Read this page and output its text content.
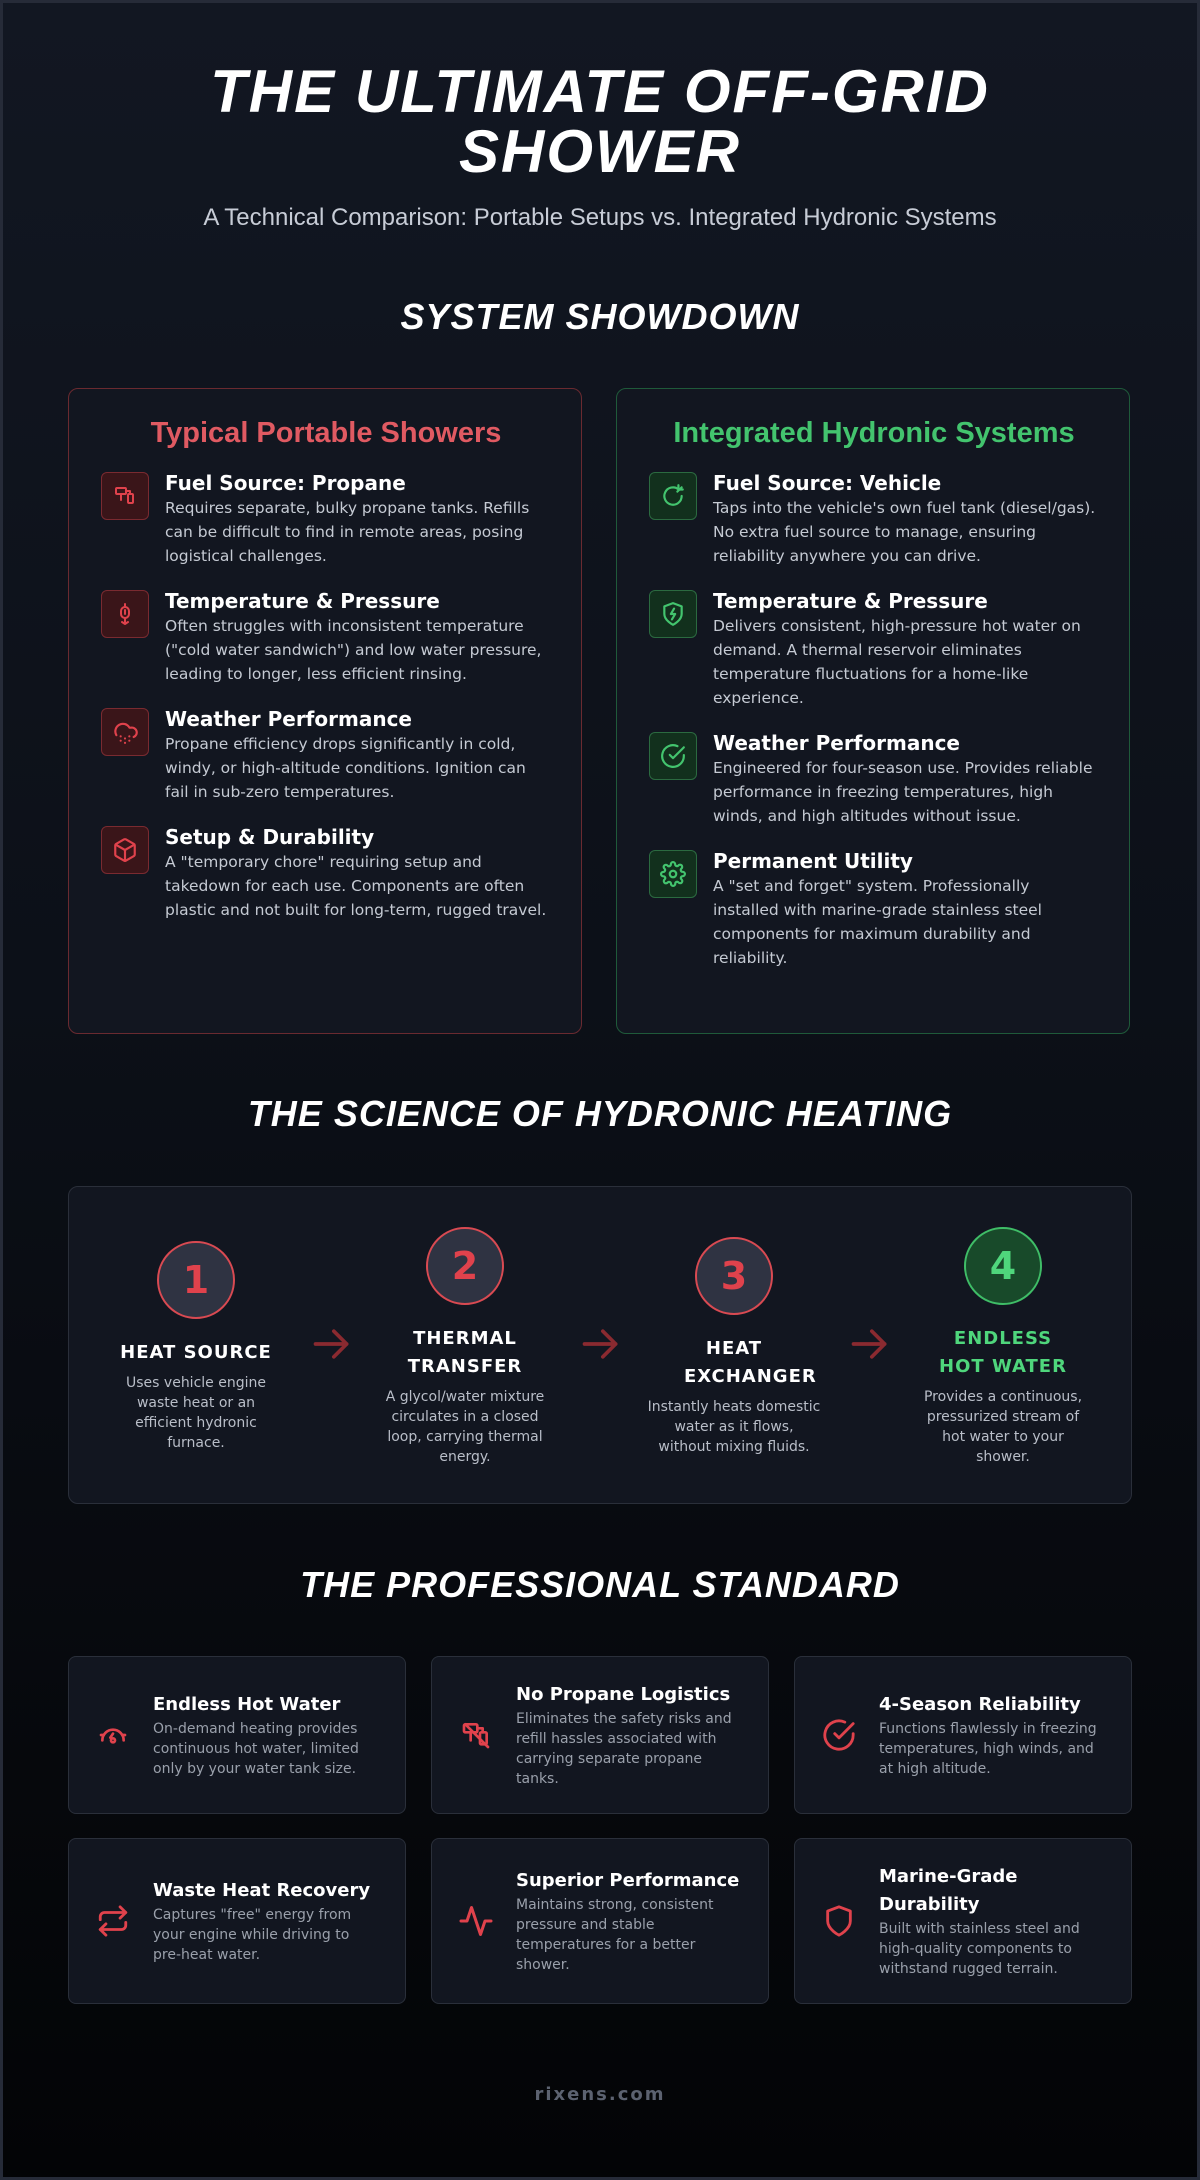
THE ULTIMATE OFF-GRID
SHOWER
A Technical Comparison: Portable Setups vs. Integrated Hydronic Systems
SYSTEM SHOWDOWN
Typical Portable Showers
Fuel Source: Propane
Requires separate, bulky propane tanks. Refills can be difficult to find in remote areas, posing logistical challenges.
Temperature & Pressure
Often struggles with inconsistent temperature ("cold water sandwich") and low water pressure, leading to longer, less efficient rinsing.
Weather Performance
Propane efficiency drops significantly in cold, windy, or high-altitude conditions. Ignition can fail in sub-zero temperatures.
Setup & Durability
A "temporary chore" requiring setup and takedown for each use. Components are often plastic and not built for long-term, rugged travel.
Integrated Hydronic Systems
Fuel Source: Vehicle
Taps into the vehicle's own fuel tank (diesel/gas). No extra fuel source to manage, ensuring reliability anywhere you can drive.
Temperature & Pressure
Delivers consistent, high-pressure hot water on demand. A thermal reservoir eliminates temperature fluctuations for a home-like experience.
Weather Performance
Engineered for four-season use. Provides reliable performance in freezing temperatures, high winds, and high altitudes without issue.
Permanent Utility
A "set and forget" system. Professionally installed with marine-grade stainless steel components for maximum durability and reliability.
THE SCIENCE OF HYDRONIC HEATING
1
HEAT SOURCE
Uses vehicle engine waste heat or an efficient hydronic furnace.
2
THERMAL TRANSFER
A glycol/water mixture circulates in a closed loop, carrying thermal energy.
3
HEAT EXCHANGER
Instantly heats domestic water as it flows, without mixing fluids.
4
ENDLESS HOT WATER
Provides a continuous, pressurized stream of hot water to your shower.
THE PROFESSIONAL STANDARD
Endless Hot Water
On-demand heating provides continuous hot water, limited only by your water tank size.
No Propane Logistics
Eliminates the safety risks and refill hassles associated with carrying separate propane tanks.
4-Season Reliability
Functions flawlessly in freezing temperatures, high winds, and at high altitude.
Waste Heat Recovery
Captures "free" energy from your engine while driving to pre-heat water.
Superior Performance
Maintains strong, consistent pressure and stable temperatures for a better shower.
Marine-Grade Durability
Built with stainless steel and high-quality components to withstand rugged terrain.
rixens.com
